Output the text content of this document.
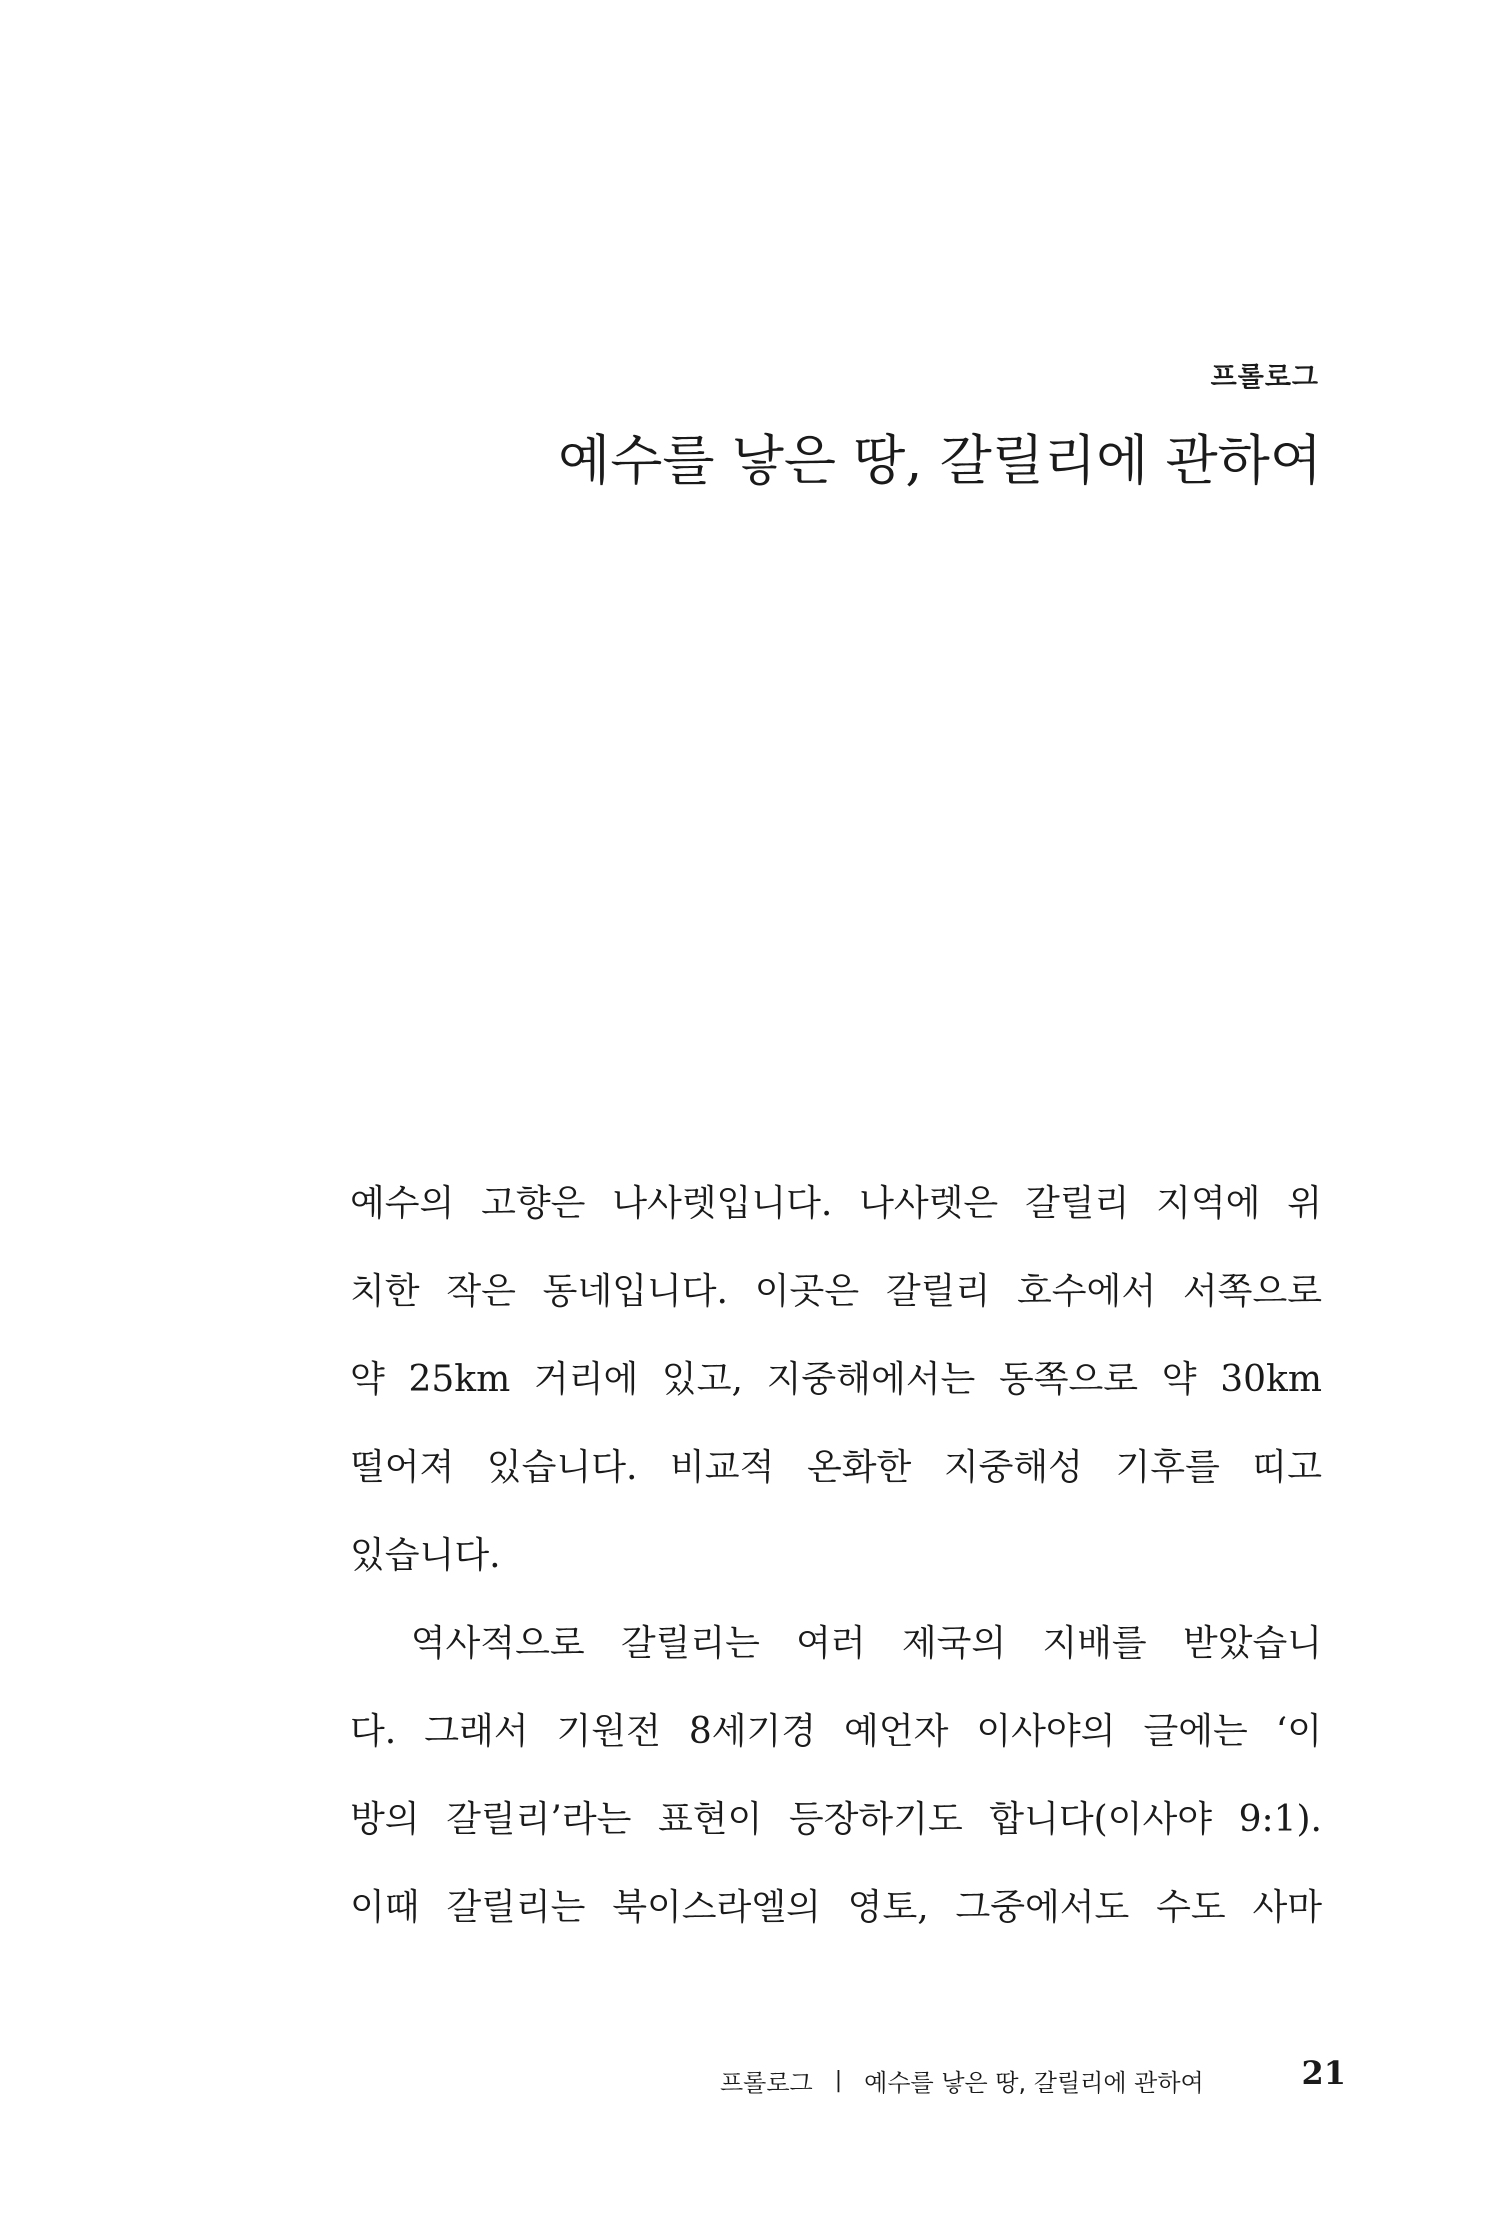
프롤로그

예수를 낳은 땅, 갈릴리에 관하여
예수의 고향은 나사렛입니다. 나사렛은 갈릴리 지역에 위
치한 작은 동네입니다. 이곳은 갈릴리 호수에서 서쪽으로
약 25km 거리에 있고, 지중해에서는 동쪽으로 약 30km
떨어져 있습니다. 비교적 온화한 지중해성 기후를 띠고
있습니다.
　역사적으로 갈릴리는 여러 제국의 지배를 받았습니
다. 그래서 기원전 8세기경 예언자 이사야의 글에는 ‘이
방의 갈릴리’라는 표현이 등장하기도 합니다(이사야 9:1).
이때 갈릴리는 북이스라엘의 영토, 그중에서도 수도 사마
프롤로그 | 예수를 낳은 땅, 갈릴리에 관하여	21
